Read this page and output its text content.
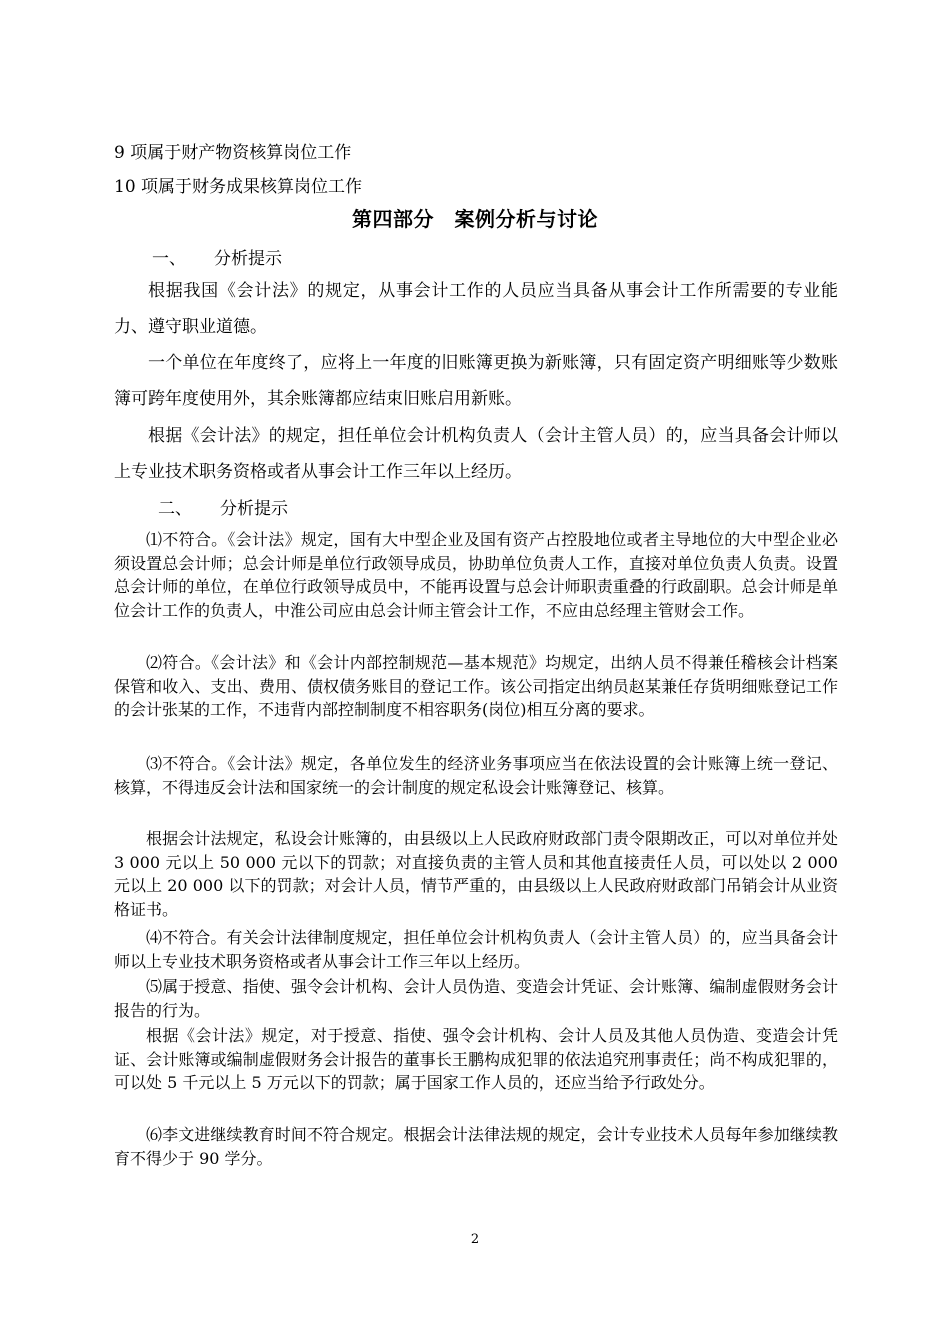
9 项属于财产物资核算岗位工作

10 项属于财务成果核算岗位工作

第四部分　案例分析与讨论

一、 分析提示

根据我国《会计法》的规定，从事会计工作的人员应当具备从事会计工作所需要的专业能力、遵守职业道德。

一个单位在年度终了，应将上一年度的旧账簿更换为新账簿，只有固定资产明细账等少数账簿可跨年度使用外，其余账簿都应结束旧账启用新账。

根据《会计法》的规定，担任单位会计机构负责人（会计主管人员）的，应当具备会计师以上专业技术职务资格或者从事会计工作三年以上经历。

二、 分析提示

⑴不符合。《会计法》规定，国有大中型企业及国有资产占控股地位或者主导地位的大中型企业必须设置总会计师；总会计师是单位行政领导成员，协助单位负责人工作，直接对单位负责人负责。设置总会计师的单位，在单位行政领导成员中，不能再设置与总会计师职责重叠的行政副职。总会计师是单位会计工作的负责人，中淮公司应由总会计师主管会计工作，不应由总经理主管财会工作。

⑵符合。《会计法》和《会计内部控制规范—基本规范》均规定，出纳人员不得兼任稽核会计档案保管和收入、支出、费用、债权债务账目的登记工作。该公司指定出纳员赵某兼任存货明细账登记工作的会计张某的工作，不违背内部控制制度不相容职务(岗位)相互分离的要求。

⑶不符合。《会计法》规定，各单位发生的经济业务事项应当在依法设置的会计账簿上统一登记、核算，不得违反会计法和国家统一的会计制度的规定私设会计账簿登记、核算。

根据会计法规定，私设会计账簿的，由县级以上人民政府财政部门责令限期改正，可以对单位并处 3 000 元以上 50 000 元以下的罚款；对直接负责的主管人员和其他直接责任人员，可以处以 2 000 元以上 20 000 以下的罚款；对会计人员，情节严重的，由县级以上人民政府财政部门吊销会计从业资格证书。

⑷不符合。有关会计法律制度规定，担任单位会计机构负责人（会计主管人员）的，应当具备会计师以上专业技术职务资格或者从事会计工作三年以上经历。

⑸属于授意、指使、强令会计机构、会计人员伪造、变造会计凭证、会计账簿、编制虚假财务会计报告的行为。

根据《会计法》规定，对于授意、指使、强令会计机构、会计人员及其他人员伪造、变造会计凭证、会计账簿或编制虚假财务会计报告的董事长王鹏构成犯罪的依法追究刑事责任；尚不构成犯罪的，可以处 5 千元以上 5 万元以下的罚款；属于国家工作人员的，还应当给予行政处分。

⑹李文进继续教育时间不符合规定。根据会计法律法规的规定，会计专业技术人员每年参加继续教育不得少于 90 学分。

2
